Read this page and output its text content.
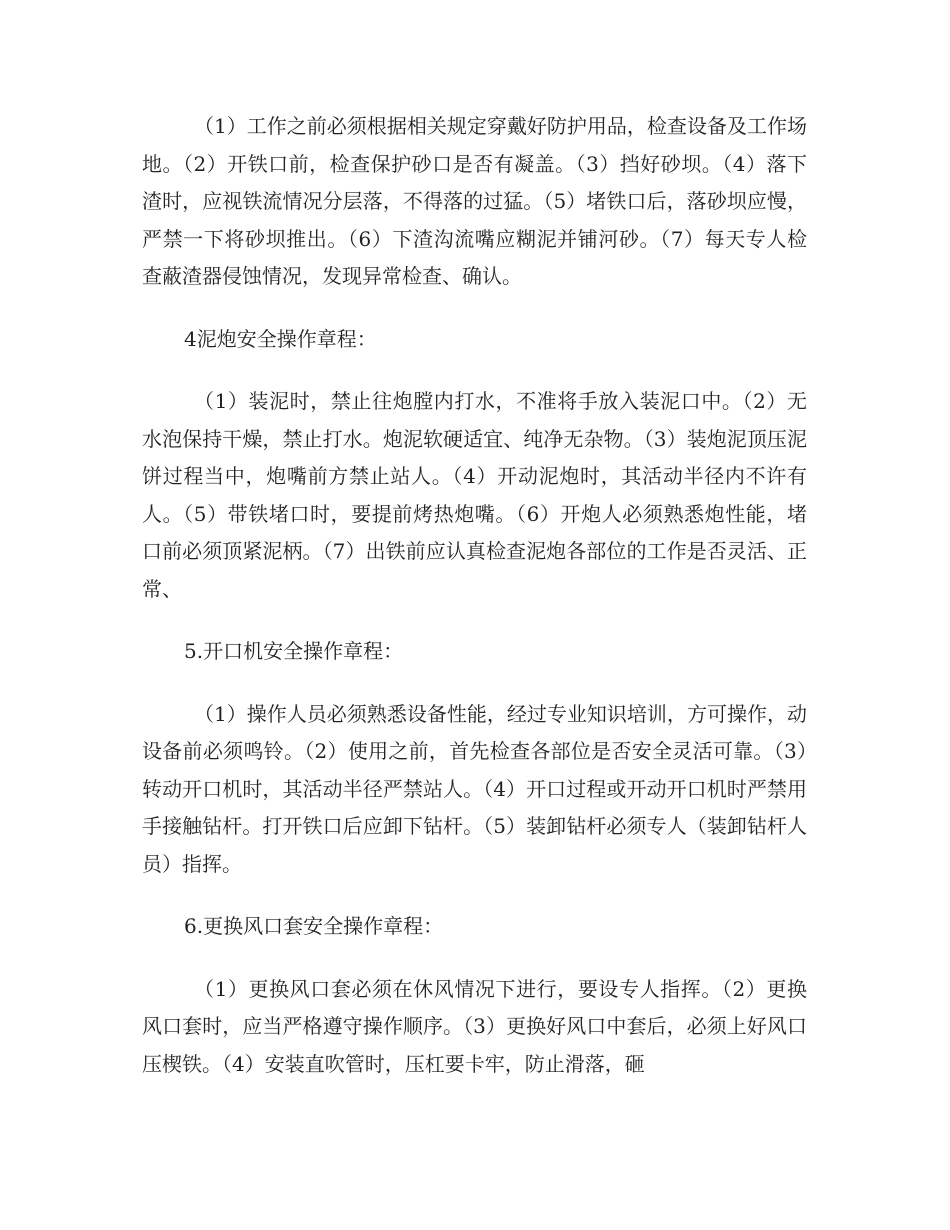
（1）工作之前必须根据相关规定穿戴好防护用品，检查设备及工作场地。（2）开铁口前，检查保护砂口是否有凝盖。（3）挡好砂坝。（4）落下渣时，应视铁流情况分层落，不得落的过猛。（5）堵铁口后，落砂坝应慢，严禁一下将砂坝推出。（6）下渣沟流嘴应糊泥并铺河砂。（7）每天专人检查蔽渣器侵蚀情况，发现异常检查、确认。

4泥炮安全操作章程：

（1）装泥时，禁止往炮膛内打水，不准将手放入装泥口中。（2）无水泡保持干燥，禁止打水。炮泥软硬适宜、纯净无杂物。（3）装炮泥顶压泥饼过程当中，炮嘴前方禁止站人。（4）开动泥炮时，其活动半径内不许有人。（5）带铁堵口时，要提前烤热炮嘴。（6）开炮人必须熟悉炮性能，堵口前必须顶紧泥柄。（7）出铁前应认真检查泥炮各部位的工作是否灵活、正常、

5.开口机安全操作章程：

（1）操作人员必须熟悉设备性能，经过专业知识培训，方可操作，动设备前必须鸣铃。（2）使用之前，首先检查各部位是否安全灵活可靠。（3）转动开口机时，其活动半径严禁站人。（4）开口过程或开动开口机时严禁用手接触钻杆。打开铁口后应卸下钻杆。（5）装卸钻杆必须专人（装卸钻杆人员）指挥。

6.更换风口套安全操作章程：

（1）更换风口套必须在休风情况下进行，要设专人指挥。（2）更换风口套时，应当严格遵守操作顺序。（3）更换好风口中套后，必须上好风口压楔铁。（4）安装直吹管时，压杠要卡牢，防止滑落，砸
